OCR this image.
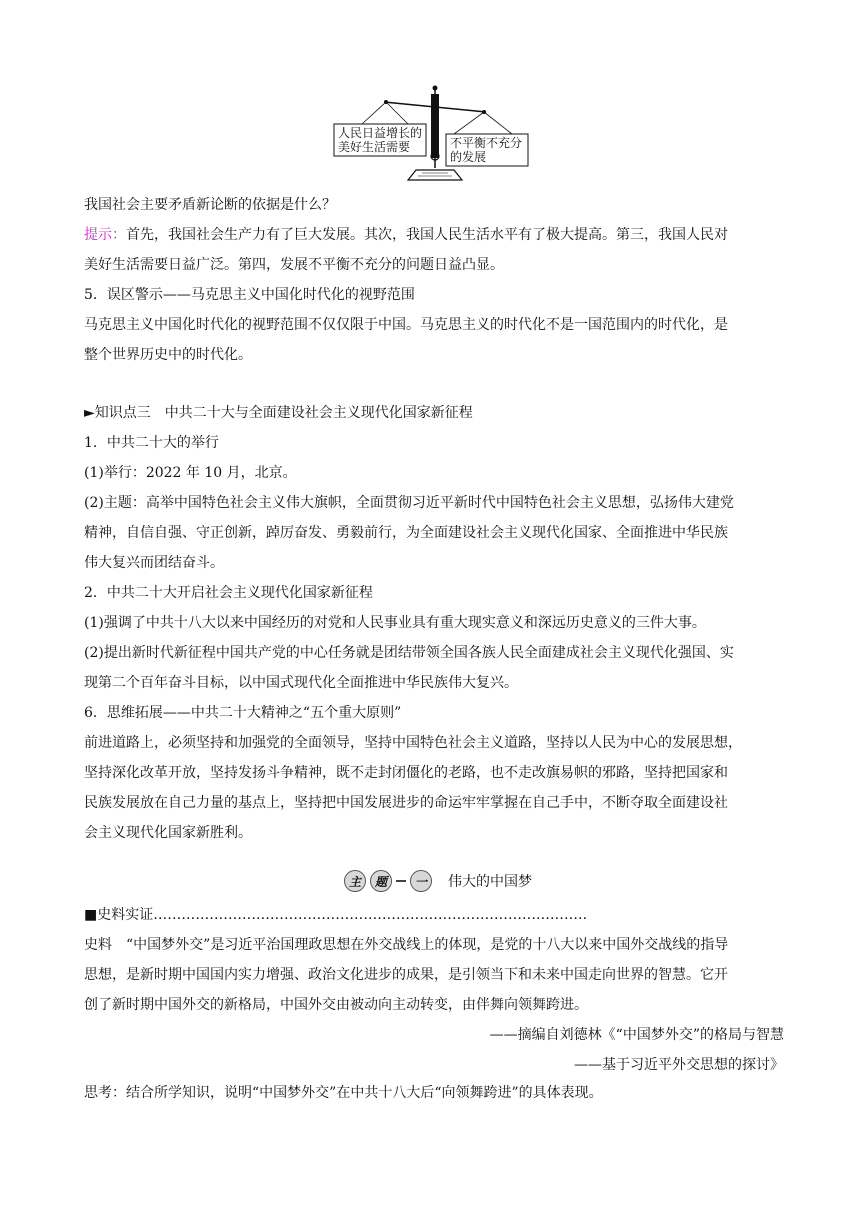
人民日益增长的
美好生活需要	不平衡不充分
的发展
我国社会主要矛盾新论断的依据是什么？
提示：首先，我国社会生产力有了巨大发展。其次，我国人民生活水平有了极大提高。第三，我国人民对
美好生活需要日益广泛。第四，发展不平衡不充分的问题日益凸显。
5．误区警示——马克思主义中国化时代化的视野范围
马克思主义中国化时代化的视野范围不仅仅限于中国。马克思主义的时代化不是一国范围内的时代化，是
整个世界历史中的时代化。
►知识点三　中共二十大与全面建设社会主义现代化国家新征程
1．中共二十大的举行
(1)举行：2022 年 10 月，北京。
(2)主题：高举中国特色社会主义伟大旗帜，全面贯彻习近平新时代中国特色社会主义思想，弘扬伟大建党
精神，自信自强、守正创新，踔厉奋发、勇毅前行，为全面建设社会主义现代化国家、全面推进中华民族
伟大复兴而团结奋斗。
2．中共二十大开启社会主义现代化国家新征程
(1)强调了中共十八大以来中国经历的对党和人民事业具有重大现实意义和深远历史意义的三件大事。
(2)提出新时代新征程中国共产党的中心任务就是团结带领全国各族人民全面建成社会主义现代化强国、实
现第二个百年奋斗目标，以中国式现代化全面推进中华民族伟大复兴。
6．思维拓展——中共二十大精神之“五个重大原则”
前进道路上，必须坚持和加强党的全面领导，坚持中国特色社会主义道路，坚持以人民为中心的发展思想，
坚持深化改革开放，坚持发扬斗争精神，既不走封闭僵化的老路，也不走改旗易帜的邪路，坚持把国家和
民族发展放在自己力量的基点上，坚持把中国发展进步的命运牢牢掌握在自己手中，不断夺取全面建设社
会主义现代化国家新胜利。
主	题	一	伟大的中国梦
■史料实证…………………………………………………………………………………
史料　“中国梦外交”是习近平治国理政思想在外交战线上的体现，是党的十八大以来中国外交战线的指导
思想，是新时期中国国内实力增强、政治文化进步的成果，是引领当下和未来中国走向世界的智慧。它开
创了新时期中国外交的新格局，中国外交由被动向主动转变，由伴舞向领舞跨进。
——摘编自刘德林《“中国梦外交”的格局与智慧
——基于习近平外交思想的探讨》
思考：结合所学知识，说明“中国梦外交”在中共十八大后“向领舞跨进”的具体表现。
